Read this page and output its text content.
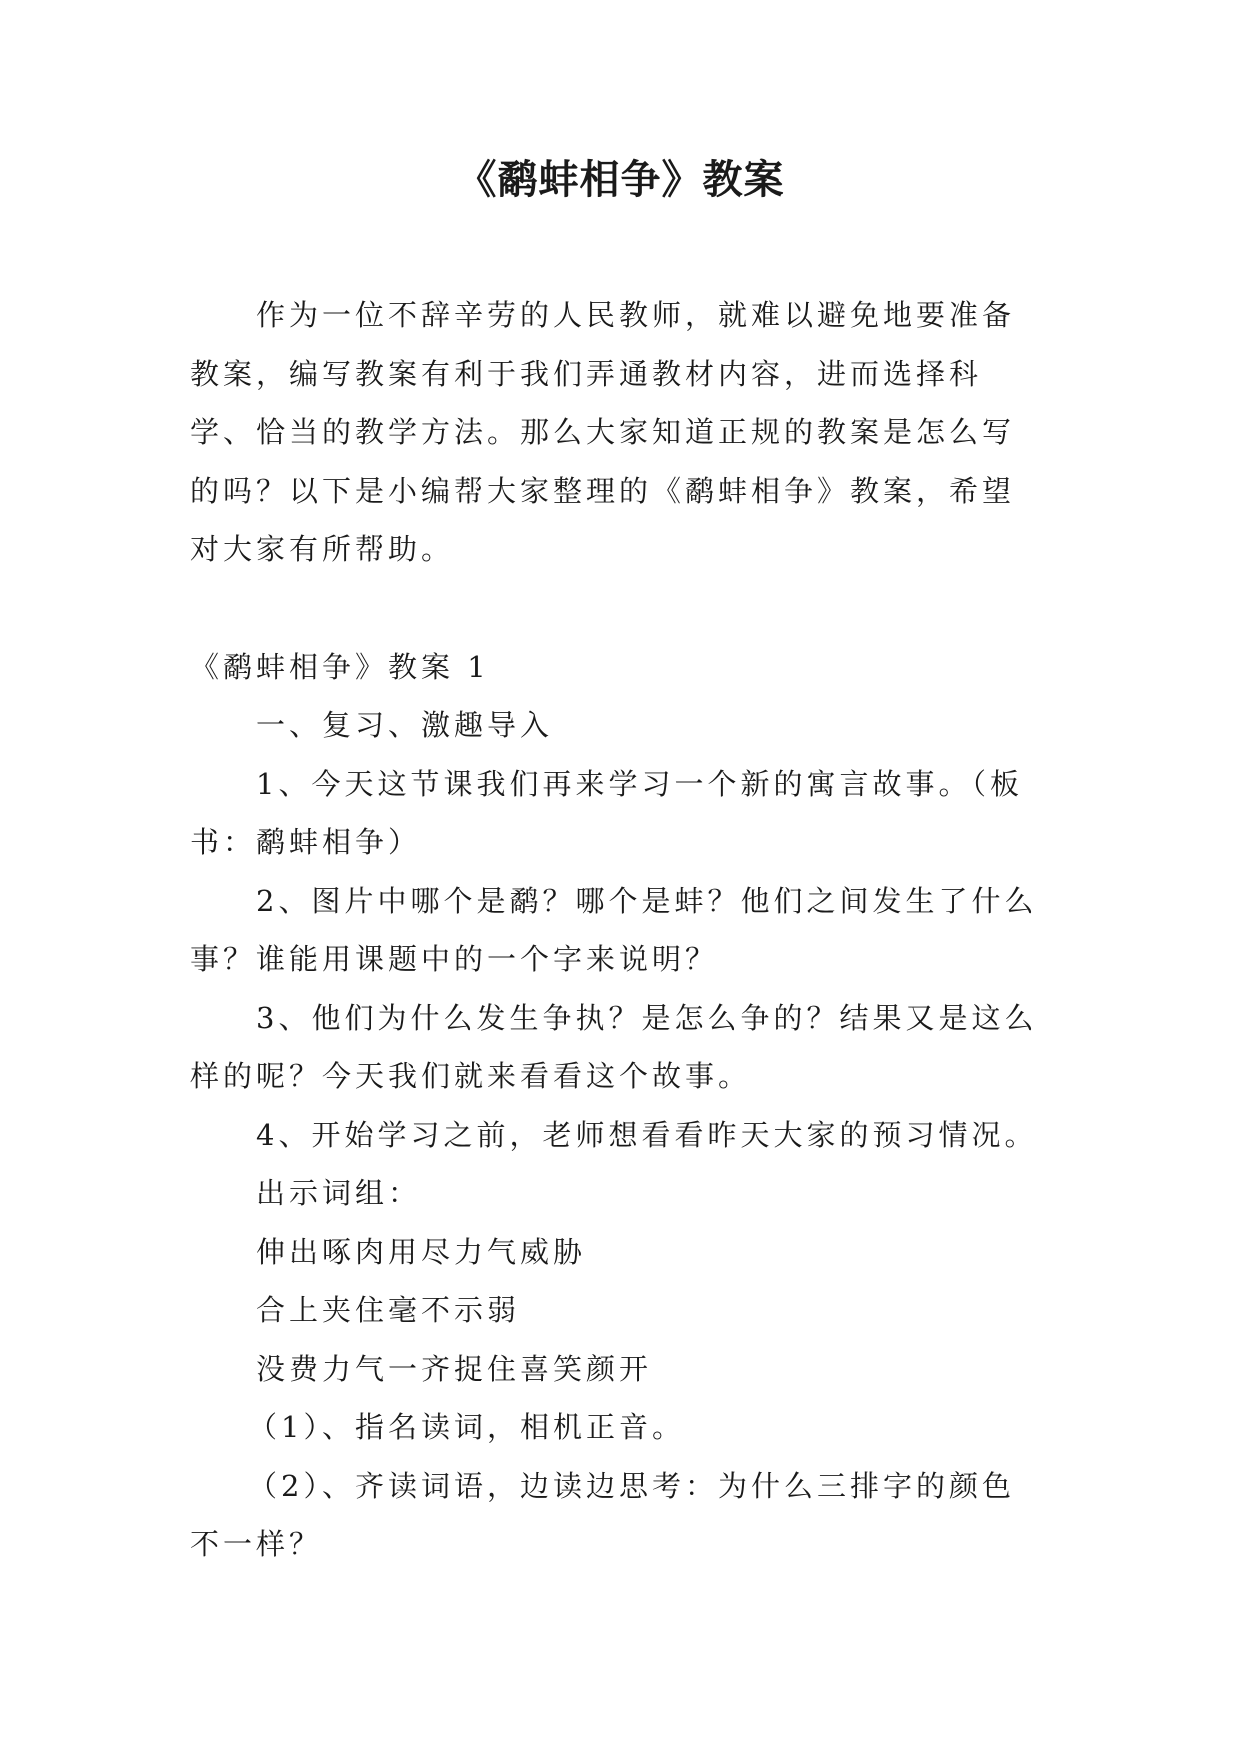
《鹬蚌相争》教案

作为一位不辞辛劳的人民教师，就难以避免地要准备教案，编写教案有利于我们弄通教材内容，进而选择科学、恰当的教学方法。那么大家知道正规的教案是怎么写的吗？以下是小编帮大家整理的《鹬蚌相争》教案，希望对大家有所帮助。

《鹬蚌相争》教案 1

一、复习、激趣导入

1、今天这节课我们再来学习一个新的寓言故事。（板书：鹬蚌相争）

2、图片中哪个是鹬？哪个是蚌？他们之间发生了什么事？谁能用课题中的一个字来说明？

3、他们为什么发生争执？是怎么争的？结果又是这么样的呢？今天我们就来看看这个故事。

4、开始学习之前，老师想看看昨天大家的预习情况。

出示词组：

伸出啄肉用尽力气威胁

合上夹住毫不示弱

没费力气一齐捉住喜笑颜开

（1）、指名读词，相机正音。

（2）、齐读词语，边读边思考：为什么三排字的颜色不一样？
